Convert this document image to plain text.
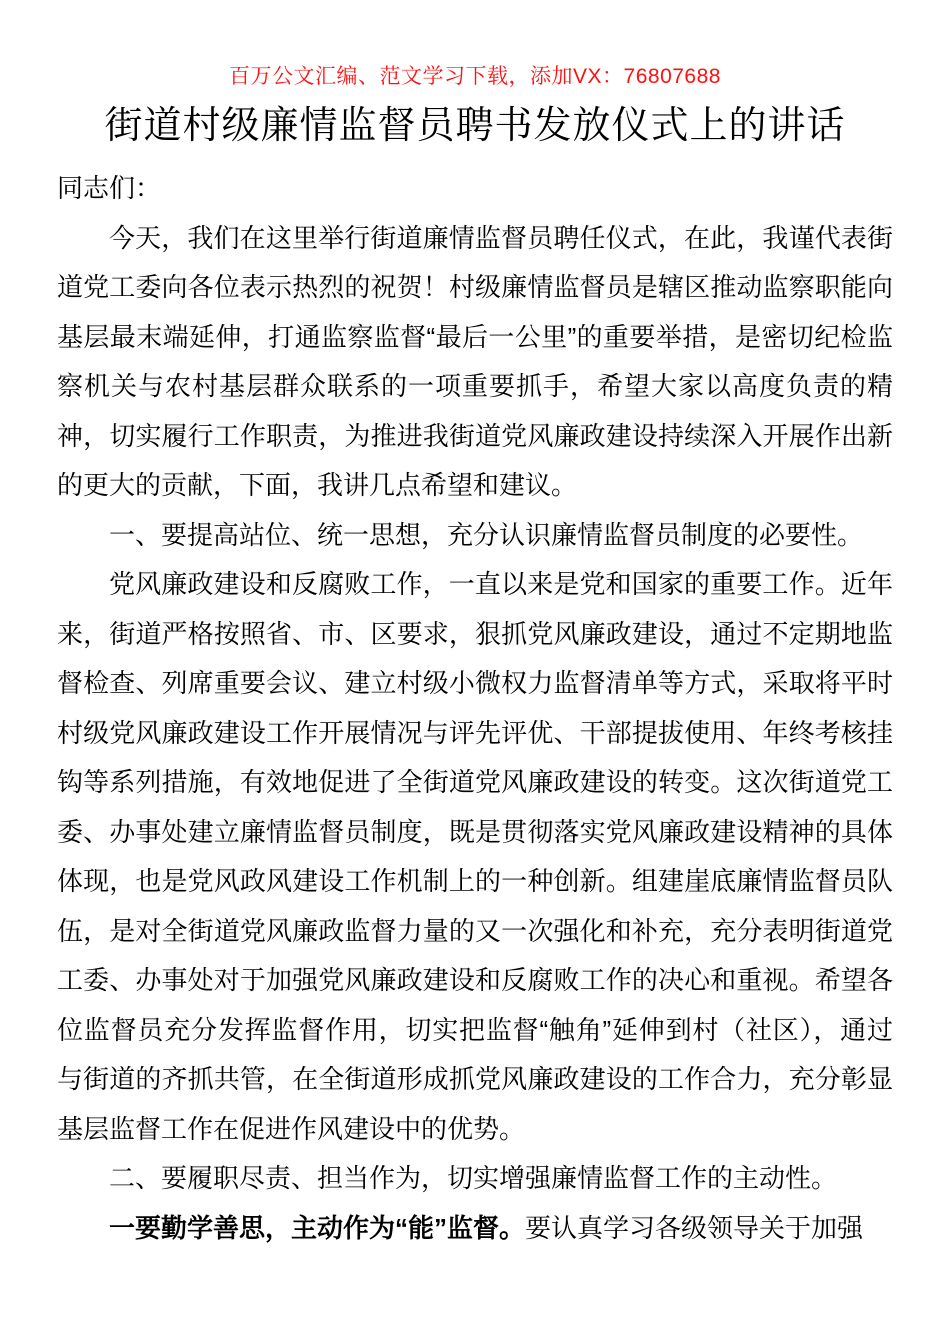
百万公文汇编、范文学习下载，添加VX：76807688
街道村级廉情监督员聘书发放仪式上的讲话

同志们：

今天，我们在这里举行街道廉情监督员聘任仪式，在此，我谨代表街道党工委向各位表示热烈的祝贺！村级廉情监督员是辖区推动监察职能向基层最末端延伸，打通监察监督“最后一公里”的重要举措，是密切纪检监察机关与农村基层群众联系的一项重要抓手，希望大家以高度负责的精神，切实履行工作职责，为推进我街道党风廉政建设持续深入开展作出新的更大的贡献，下面，我讲几点希望和建议。

一、要提高站位、统一思想，充分认识廉情监督员制度的必要性。

党风廉政建设和反腐败工作，一直以来是党和国家的重要工作。近年来，街道严格按照省、市、区要求，狠抓党风廉政建设，通过不定期地监督检查、列席重要会议、建立村级小微权力监督清单等方式，采取将平时村级党风廉政建设工作开展情况与评先评优、干部提拔使用、年终考核挂钩等系列措施，有效地促进了全街道党风廉政建设的转变。这次街道党工委、办事处建立廉情监督员制度，既是贯彻落实党风廉政建设精神的具体体现，也是党风政风建设工作机制上的一种创新。组建崖底廉情监督员队伍，是对全街道党风廉政监督力量的又一次强化和补充，充分表明街道党工委、办事处对于加强党风廉政建设和反腐败工作的决心和重视。希望各位监督员充分发挥监督作用，切实把监督“触角”延伸到村（社区），通过与街道的齐抓共管，在全街道形成抓党风廉政建设的工作合力，充分彰显基层监督工作在促进作风建设中的优势。

二、要履职尽责、担当作为，切实增强廉情监督工作的主动性。

一要勤学善思，主动作为“能”监督。要认真学习各级领导关于加强
